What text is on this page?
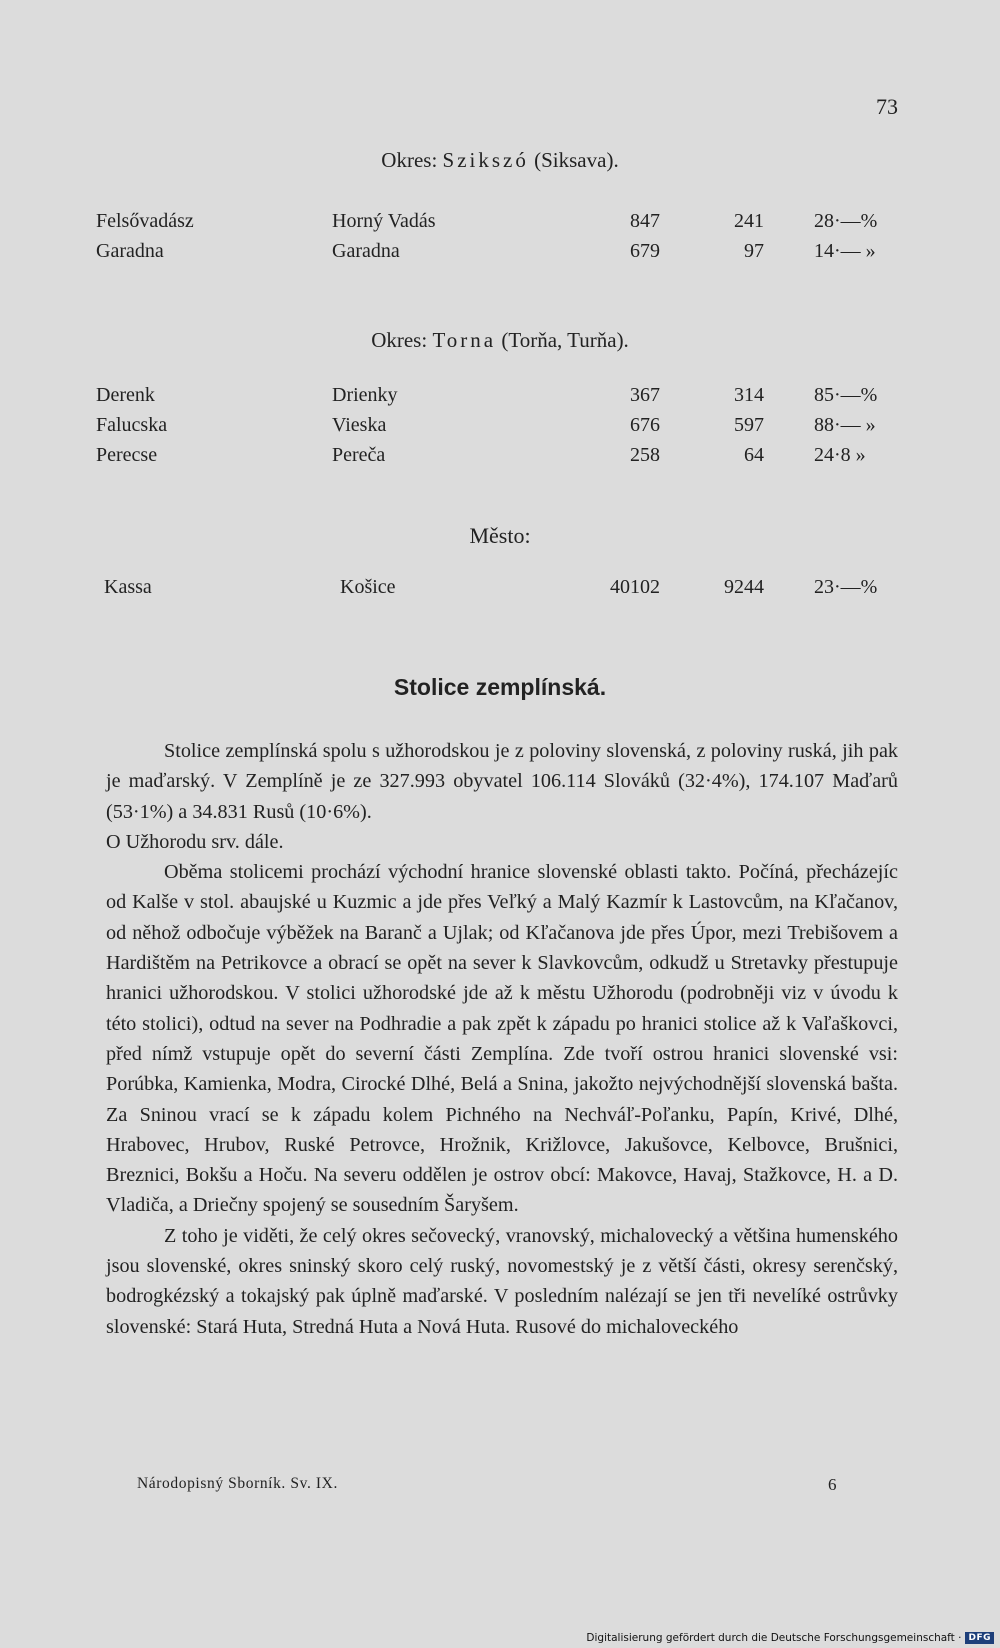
73
Okres: Szikszó (Siksava).
Felsővadász	Horný Vadás	847	241	28·—%
Garadna	Garadna	679	97	14·— »
Okres: Torna (Torňa, Turňa).
Derenk	Drienky	367	314	85·—%
Falucska	Vieska	676	597	88·— »
Perecse	Pereča	258	64	24·8 »
Město:
Kassa	Košice	40102	9244	23·—%
Stolice zemplínská.

Stolice zemplínská spolu s užhorodskou je z poloviny slovenská, z poloviny ruská, jih pak je maďarský. V Zemplíně je ze 327.993 obyvatel 106.114 Slováků (32·4%), 174.107 Maďarů (53·1%) a 34.831 Rusů (10·6%).

O Užhorodu srv. dále.

Oběma stolicemi prochází východní hranice slovenské oblasti takto. Počíná, přecházejíc od Kalše v stol. abaujské u Kuzmic a jde přes Veľký a Malý Kazmír k Lastovcům, na Kľačanov, od něhož odbočuje výběžek na Baranč a Ujlak; od Kľačanova jde přes Úpor, mezi Trebišovem a Hardištěm na Petrikovce a obrací se opět na sever k Slavkovcům, odkudž u Stretavky přestupuje hranici užhorodskou. V stolici užhorodské jde až k městu Užhorodu (podrobněji viz v úvodu k této stolici), odtud na sever na Podhradie a pak zpět k západu po hranici stolice až k Vaľaškovci, před nímž vstupuje opět do severní části Zemplína. Zde tvoří ostrou hranici slovenské vsi: Porúbka, Kamienka, Modra, Cirocké Dlhé, Belá a Snina, jakožto nejvýchodnější slovenská bašta. Za Sninou vrací se k západu kolem Pichného na Nechváľ-Poľanku, Papín, Krivé, Dlhé, Hrabovec, Hrubov, Ruské Petrovce, Hrožnik, Križlovce, Jakušovce, Kelbovce, Brušnici, Breznici, Bokšu a Hoču. Na severu oddělen je ostrov obcí: Makovce, Havaj, Stažkovce, H. a D. Vladiča, a Driečny spojený se sousedním Šaryšem.

Z toho je viděti, že celý okres sečovecký, vranovský, michalovecký a většina humenského jsou slovenské, okres sninský skoro celý ruský, novomestský je z větší části, okresy serenčský, bodrogkézský a tokajský pak úplně maďarské. V posledním nalézají se jen tři nevelíké ostrůvky slovenské: Stará Huta, Stredná Huta a Nová Huta. Rusové do michaloveckého

Národopisný Sborník. Sv. IX.	6
Digitalisierung gefördert durch die Deutsche Forschungsgemeinschaft · DFG
